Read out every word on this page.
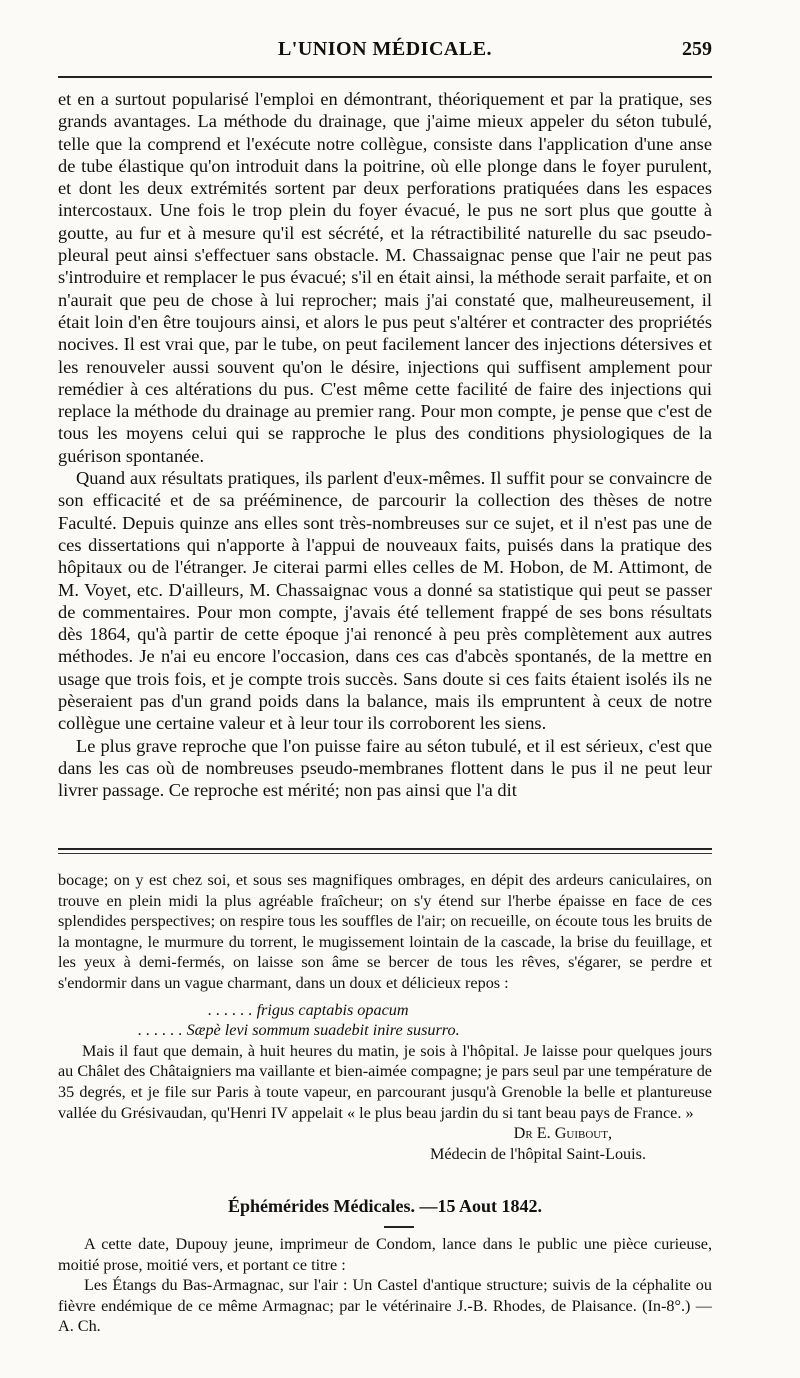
L'UNION MÉDICALE.	259

et en a surtout popularisé l'emploi en démontrant, théoriquement et par la pratique, ses grands avantages. La méthode du drainage, que j'aime mieux appeler du séton tubulé, telle que la comprend et l'exécute notre collègue, consiste dans l'application d'une anse de tube élastique qu'on introduit dans la poitrine, où elle plonge dans le foyer purulent, et dont les deux extrémités sortent par deux perforations pratiquées dans les espaces intercostaux. Une fois le trop plein du foyer évacué, le pus ne sort plus que goutte à goutte, au fur et à mesure qu'il est sécrété, et la rétractibilité naturelle du sac pseudo-pleural peut ainsi s'effectuer sans obstacle. M. Chassaignac pense que l'air ne peut pas s'introduire et remplacer le pus évacué; s'il en était ainsi, la méthode serait parfaite, et on n'aurait que peu de chose à lui reprocher; mais j'ai constaté que, malheureusement, il était loin d'en être toujours ainsi, et alors le pus peut s'altérer et contracter des propriétés nocives. Il est vrai que, par le tube, on peut facilement lancer des injections détersives et les renouveler aussi souvent qu'on le désire, injections qui suffisent amplement pour remédier à ces altérations du pus. C'est même cette facilité de faire des injections qui replace la méthode du drainage au premier rang. Pour mon compte, je pense que c'est de tous les moyens celui qui se rapproche le plus des conditions physiologiques de la guérison spontanée.

Quand aux résultats pratiques, ils parlent d'eux-mêmes. Il suffit pour se convaincre de son efficacité et de sa prééminence, de parcourir la collection des thèses de notre Faculté. Depuis quinze ans elles sont très-nombreuses sur ce sujet, et il n'est pas une de ces dissertations qui n'apporte à l'appui de nouveaux faits, puisés dans la pratique des hôpitaux ou de l'étranger. Je citerai parmi elles celles de M. Hobon, de M. Attimont, de M. Voyet, etc. D'ailleurs, M. Chassaignac vous a donné sa statistique qui peut se passer de commentaires. Pour mon compte, j'avais été tellement frappé de ses bons résultats dès 1864, qu'à partir de cette époque j'ai renoncé à peu près complètement aux autres méthodes. Je n'ai eu encore l'occasion, dans ces cas d'abcès spontanés, de la mettre en usage que trois fois, et je compte trois succès. Sans doute si ces faits étaient isolés ils ne pèseraient pas d'un grand poids dans la balance, mais ils empruntent à ceux de notre collègue une certaine valeur et à leur tour ils corroborent les siens.

Le plus grave reproche que l'on puisse faire au séton tubulé, et il est sérieux, c'est que dans les cas où de nombreuses pseudo-membranes flottent dans le pus il ne peut leur livrer passage. Ce reproche est mérité; non pas ainsi que l'a dit

bocage; on y est chez soi, et sous ses magnifiques ombrages, en dépit des ardeurs caniculaires, on trouve en plein midi la plus agréable fraîcheur; on s'y étend sur l'herbe épaisse en face de ces splendides perspectives; on respire tous les souffles de l'air; on recueille, on écoute tous les bruits de la montagne, le murmure du torrent, le mugissement lointain de la cascade, la brise du feuillage, et les yeux à demi-fermés, on laisse son âme se bercer de tous les rêves, s'égarer, se perdre et s'endormir dans un vague charmant, dans un doux et délicieux repos :

. . . . . . frigus captabis opacum
. . . . . . Sæpè levi sommum suadebit inire susurro.

Mais il faut que demain, à huit heures du matin, je sois à l'hôpital. Je laisse pour quelques jours au Châlet des Châtaigniers ma vaillante et bien-aimée compagne; je pars seul par une température de 35 degrés, et je file sur Paris à toute vapeur, en parcourant jusqu'à Grenoble la belle et plantureuse vallée du Grésivaudan, qu'Henri IV appelait « le plus beau jardin du si tant beau pays de France. »

Dr E. Guibout,
Médecin de l'hôpital Saint-Louis.
Éphémérides Médicales. —15 Aout 1842.

A cette date, Dupouy jeune, imprimeur de Condom, lance dans le public une pièce curieuse, moitié prose, moitié vers, et portant ce titre :

Les Étangs du Bas-Armagnac, sur l'air : Un Castel d'antique structure; suivis de la céphalite ou fièvre endémique de ce même Armagnac; par le vétérinaire J.-B. Rhodes, de Plaisance. (In-8°.) — A. Ch.
